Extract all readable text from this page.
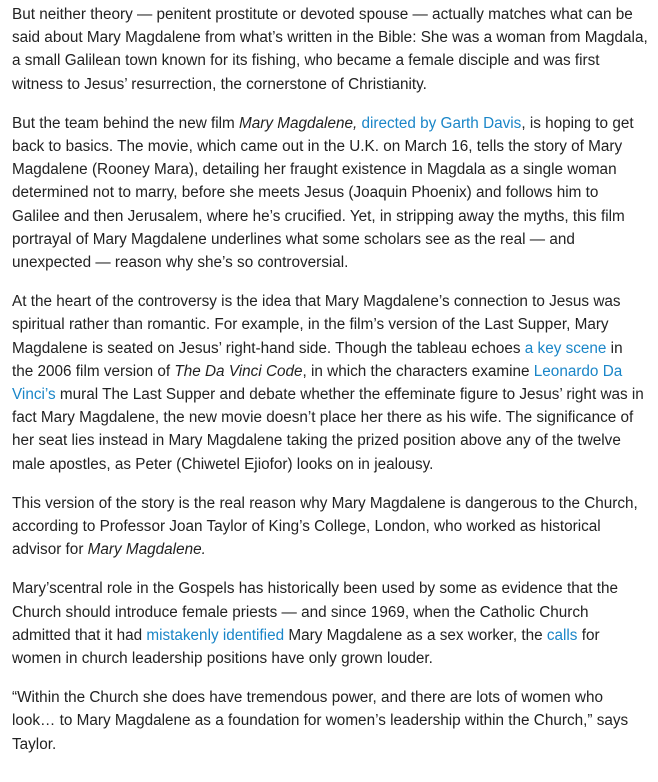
But neither theory — penitent prostitute or devoted spouse — actually matches what can be said about Mary Magdalene from what’s written in the Bible: She was a woman from Magdala, a small Galilean town known for its fishing, who became a female disciple and was first witness to Jesus’ resurrection, the cornerstone of Christianity.

But the team behind the new film Mary Magdalene, directed by Garth Davis, is hoping to get back to basics. The movie, which came out in the U.K. on March 16, tells the story of Mary Magdalene (Rooney Mara), detailing her fraught existence in Magdala as a single woman determined not to marry, before she meets Jesus (Joaquin Phoenix) and follows him to Galilee and then Jerusalem, where he’s crucified. Yet, in stripping away the myths, this film portrayal of Mary Magdalene underlines what some scholars see as the real — and unexpected — reason why she’s so controversial.

At the heart of the controversy is the idea that Mary Magdalene’s connection to Jesus was spiritual rather than romantic. For example, in the film’s version of the Last Supper, Mary Magdalene is seated on Jesus’ right-hand side. Though the tableau echoes a key scene in the 2006 film version of The Da Vinci Code, in which the characters examine Leonardo Da Vinci’s mural The Last Supper and debate whether the effeminate figure to Jesus’ right was in fact Mary Magdalene, the new movie doesn’t place her there as his wife. The significance of her seat lies instead in Mary Magdalene taking the prized position above any of the twelve male apostles, as Peter (Chiwetel Ejiofor) looks on in jealousy.

This version of the story is the real reason why Mary Magdalene is dangerous to the Church, according to Professor Joan Taylor of King’s College, London, who worked as historical advisor for Mary Magdalene.

Mary’scentral role in the Gospels has historically been used by some as evidence that the Church should introduce female priests — and since 1969, when the Catholic Church admitted that it had mistakenly identified Mary Magdalene as a sex worker, the calls for women in church leadership positions have only grown louder.

“Within the Church she does have tremendous power, and there are lots of women who look… to Mary Magdalene as a foundation for women’s leadership within the Church,” says Taylor.
